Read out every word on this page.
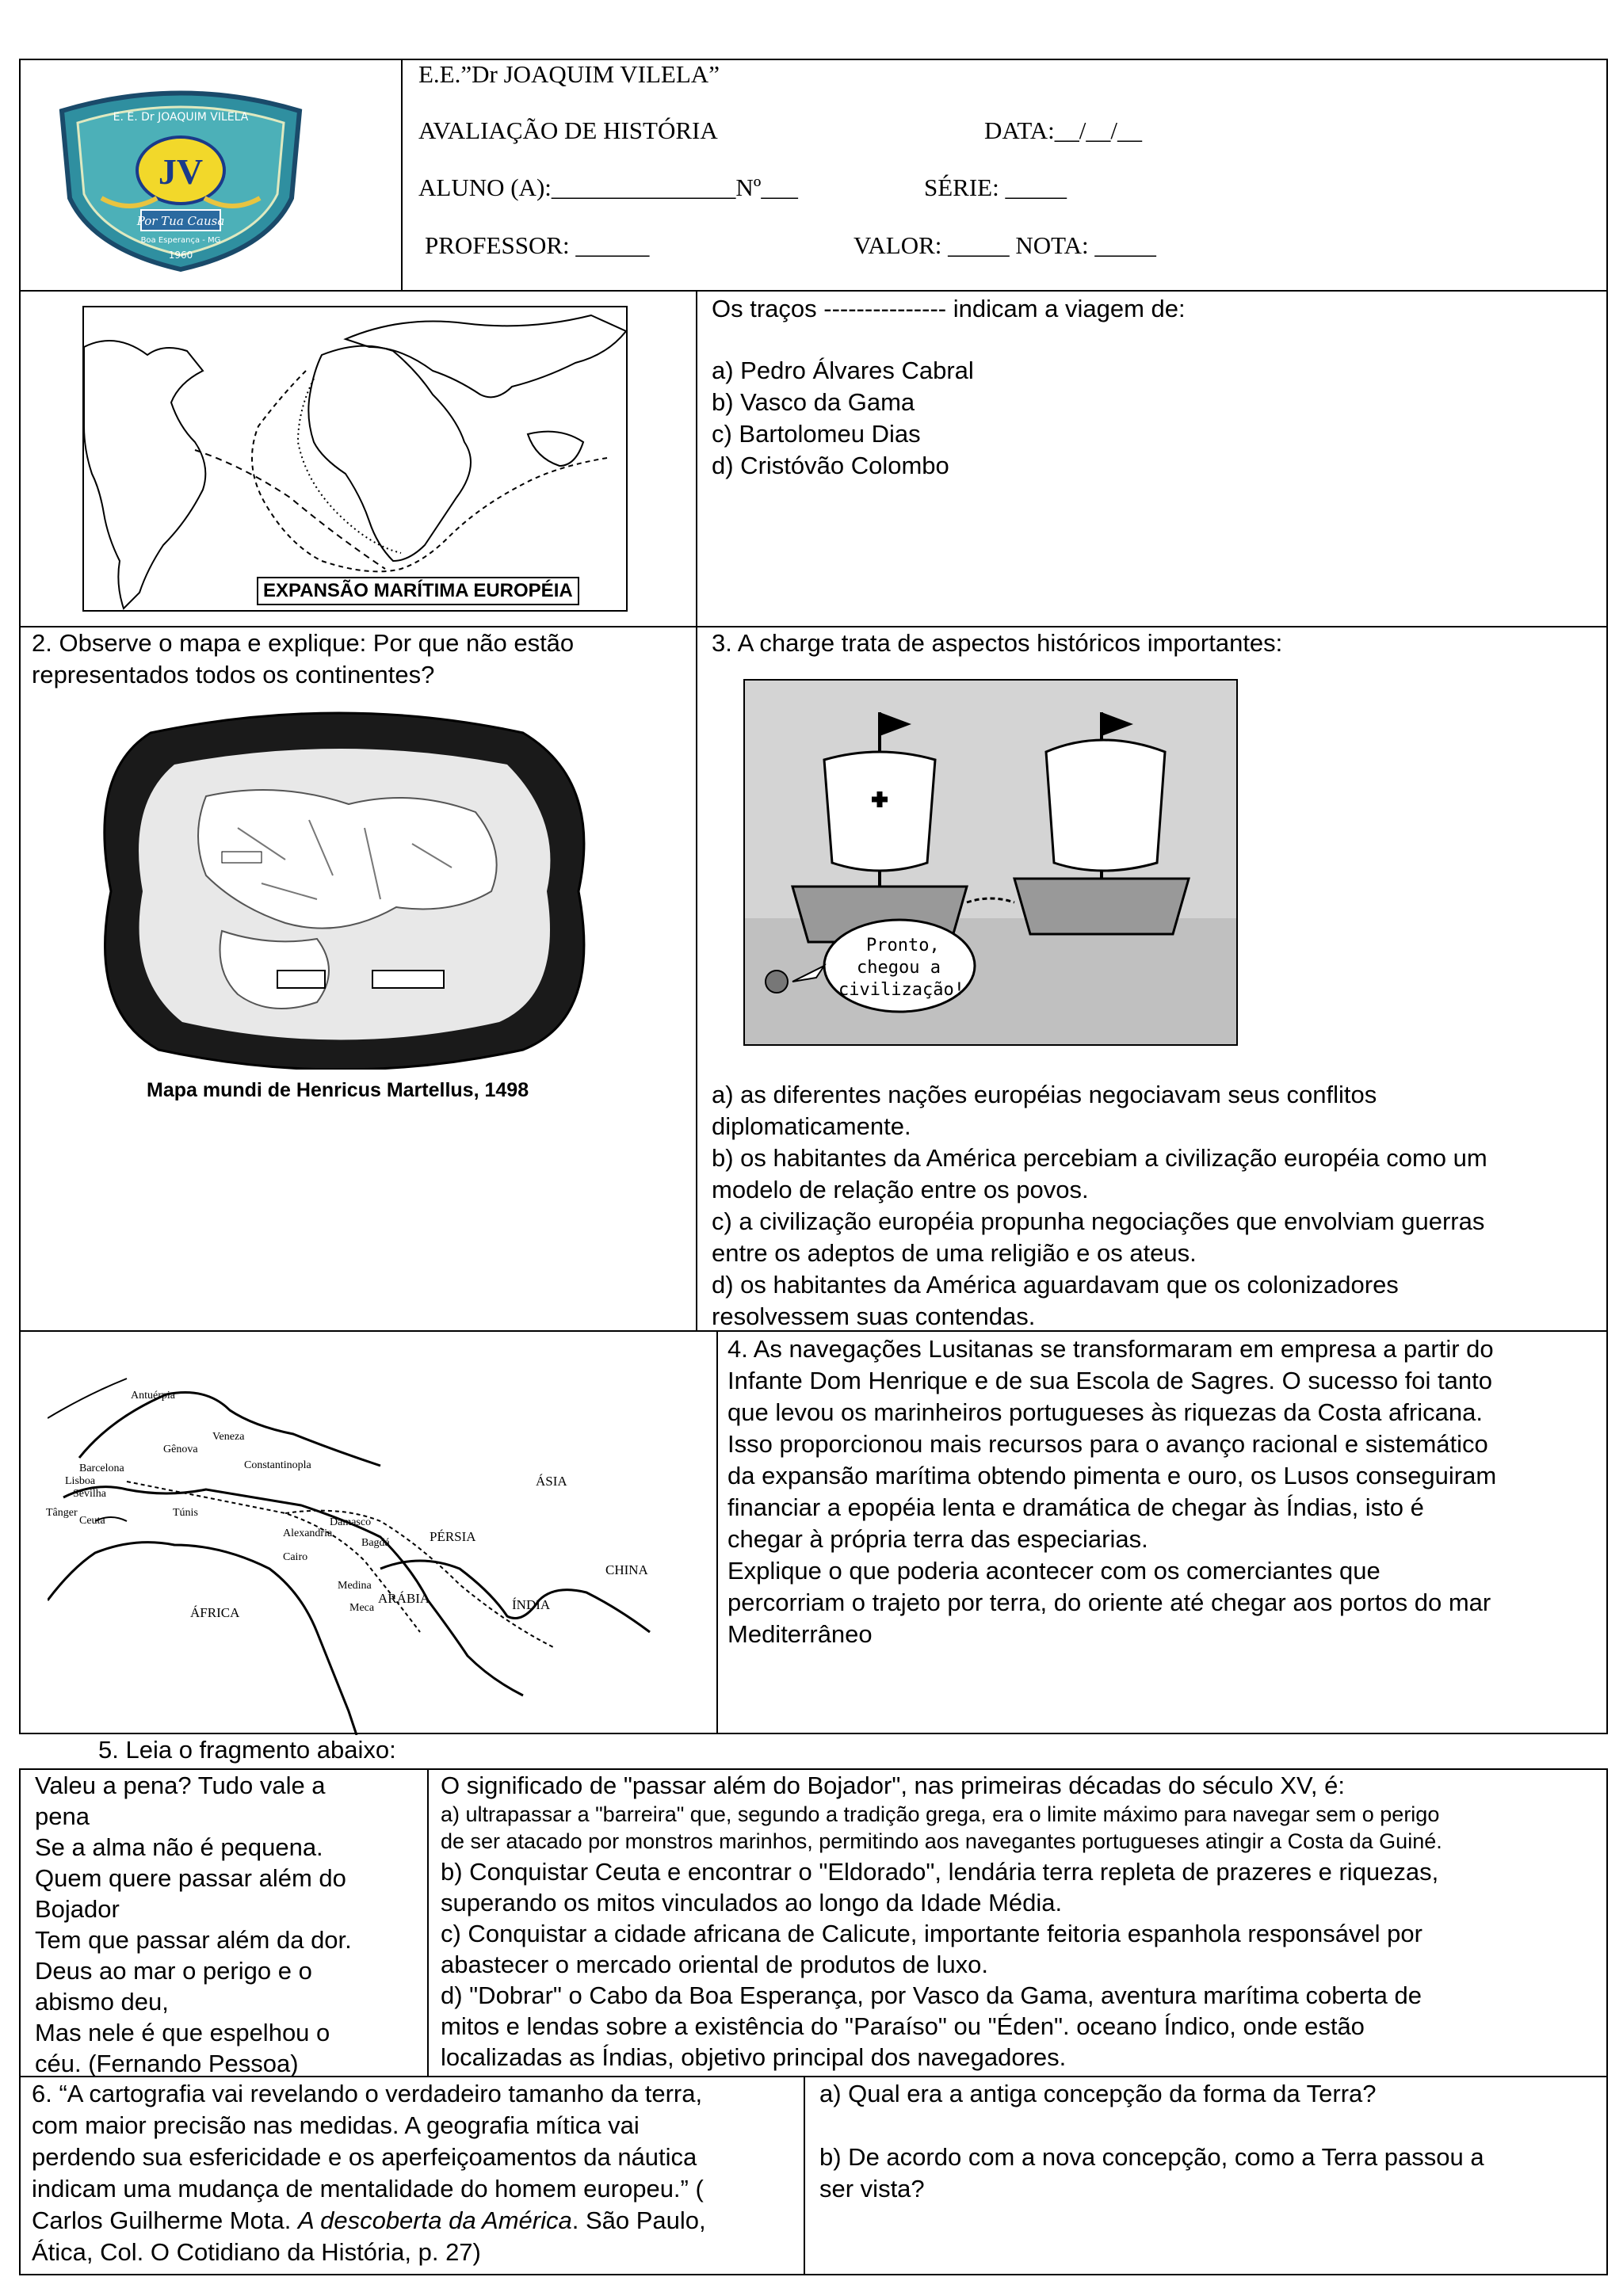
JV
Por Tua Causa
E. E. Dr JOAQUIM VILELA
Boa Esperança - MG
1960
E.E.”Dr JOAQUIM VILELA”
AVALIAÇÃO DE HISTÓRIA	DATA:__/__/__
ALUNO (A):_______________Nº___	SÉRIE: _____
PROFESSOR: ______	VALOR: _____ NOTA: _____
EXPANSÃO MARÍTIMA EUROPÉIA
Os traços --------------- indicam a viagem de:
a) Pedro Álvares Cabral
b) Vasco da Gama
c) Bartolomeu Dias
d) Cristóvão Colombo
2. Observe o mapa e explique: Por que não estão
representados todos os continentes?
Mapa mundi de Henricus Martellus, 1498
3. A charge trata de aspectos históricos importantes:
Pronto,
chegou a
civilização!
a) as diferentes nações européias negociavam seus conflitos
diplomaticamente.
b) os habitantes da América percebiam a civilização européia como um
modelo de relação entre os povos.
c) a civilização européia propunha negociações que envolviam guerras
entre os adeptos de uma religião e os ateus.
d) os habitantes da América aguardavam que os colonizadores
resolvessem suas contendas.
Antuérpia
Veneza
Gênova
Constantinopla
Barcelona
Lisboa
Sevilha
Tânger
Ceuta
Túnis
Damasco
Alexandria
Bagdá
Cairo
PÉRSIA
ÁSIA
CHINA
Medina
Meca
ARÁBIA	ÍNDIA
ÁFRICA
4. As navegações Lusitanas se transformaram em empresa a partir do
Infante Dom Henrique e de sua Escola de Sagres. O sucesso foi tanto
que levou os marinheiros portugueses às riquezas da Costa africana.
Isso proporcionou mais recursos para o avanço racional e sistemático
da expansão marítima obtendo pimenta e ouro, os Lusos conseguiram
financiar a epopéia lenta e dramática de chegar às Índias, isto é
chegar à própria terra das especiarias.
Explique o que poderia acontecer com os comerciantes que
percorriam o trajeto por terra, do oriente até chegar aos portos do mar
Mediterrâneo
5. Leia o fragmento abaixo:
Valeu a pena? Tudo vale a
pena
Se a alma não é pequena.
Quem quere passar além do
Bojador
Tem que passar além da dor.
Deus ao mar o perigo e o
abismo deu,
Mas nele é que espelhou o
céu. (Fernando Pessoa)
O significado de "passar além do Bojador", nas primeiras décadas do século XV, é:
a) ultrapassar a "barreira" que, segundo a tradição grega, era o limite máximo para navegar sem o perigo
de ser atacado por monstros marinhos, permitindo aos navegantes portugueses atingir a Costa da Guiné.
b) Conquistar Ceuta e encontrar o "Eldorado", lendária terra repleta de prazeres e riquezas,
superando os mitos vinculados ao longo da Idade Média.
c) Conquistar a cidade africana de Calicute, importante feitoria espanhola responsável por
abastecer o mercado oriental de produtos de luxo.
d) "Dobrar" o Cabo da Boa Esperança, por Vasco da Gama, aventura marítima coberta de
mitos e lendas sobre a existência do "Paraíso" ou "Éden". oceano Índico, onde estão
localizadas as Índias, objetivo principal dos navegadores.
6. “A cartografia vai revelando o verdadeiro tamanho da terra,
com maior precisão nas medidas. A geografia mítica vai
perdendo sua esfericidade e os aperfeiçoamentos da náutica
indicam uma mudança de mentalidade do homem europeu.” (
Carlos Guilherme Mota. A descoberta da América. São Paulo,
Ática, Col. O Cotidiano da História, p. 27)
a) Qual era a antiga concepção da forma da Terra?
b) De acordo com a nova concepção, como a Terra passou a
ser vista?
